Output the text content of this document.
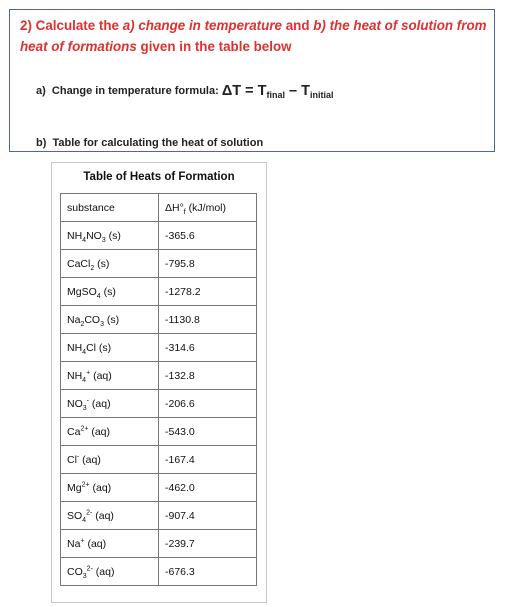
2) Calculate the a) change in temperature and b) the heat of solution from heat of formations given in the table below
a) Change in temperature formula: $\Delta T = T_{final} - T_{initial}$
b) Table for calculating the heat of solution
Table of Heats of Formation
substance	$\Delta H^\circ_f$ (kJ/mol)
$NH_4NO_3$ (s)	-365.6
CaCl$_2$ (s)	-795.8
MgSO$_4$ (s)	-1278.2
$Na_2CO_3$ (s)	-1130.8
$NH_4Cl$ (s)	-314.6
$NH_4^+$ (aq)	-132.8
$NO_3^-$ (aq)	-206.6
$Ca^{2+}$ (aq)	-543.0
Cl- (aq)	-167.4
$Mg^{2+}$ (aq)	-462.0
$SO_4^{2-}$ (aq)	-907.4
Na+ (aq)	-239.7
$CO_3^{2-}$ (aq)	-676.3
